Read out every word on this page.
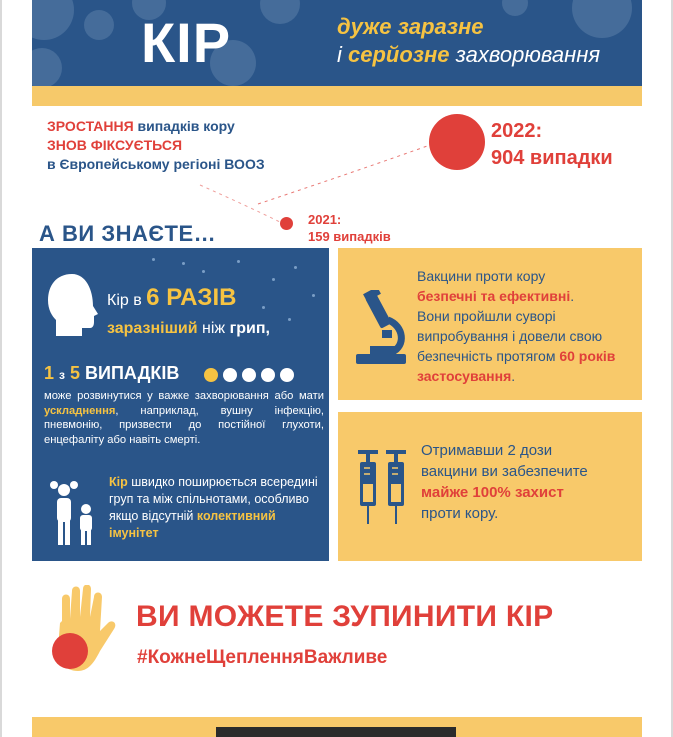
КІР	дуже заразне
і серйозне захворювання
ЗРОСТАННЯ випадків кору
ЗНОВ ФІКСУЄТЬСЯ
в Європейському регіоні ВООЗ
2022:
904 випадки
2021:
159 випадків
А ВИ ЗНАЄТЕ…
Кір в 6 РАЗІВ
заразніший ніж грип,
1 з 5 ВИПАДКІВ
може розвинутися у важке захворювання або мати ускладнення, наприклад, вушну інфекцію, пневмонію, призвести до постійної глухоти, енцефаліту або навіть смерті.
Кір швидко поширюється всередині груп та між спільнотами, особливо якщо відсутній колективний імунітет
Вакцини проти кору
безпечні та ефективні.
Вони пройшли суворі випробування і довели свою безпечність протягом 60 років застосування.
Отримавши 2 дози
вакцини ви забезпечите
майже 100% захист
проти кору.
ВИ МОЖЕТЕ ЗУПИНИТИ КІР
#КожнеЩепленняВажливе
